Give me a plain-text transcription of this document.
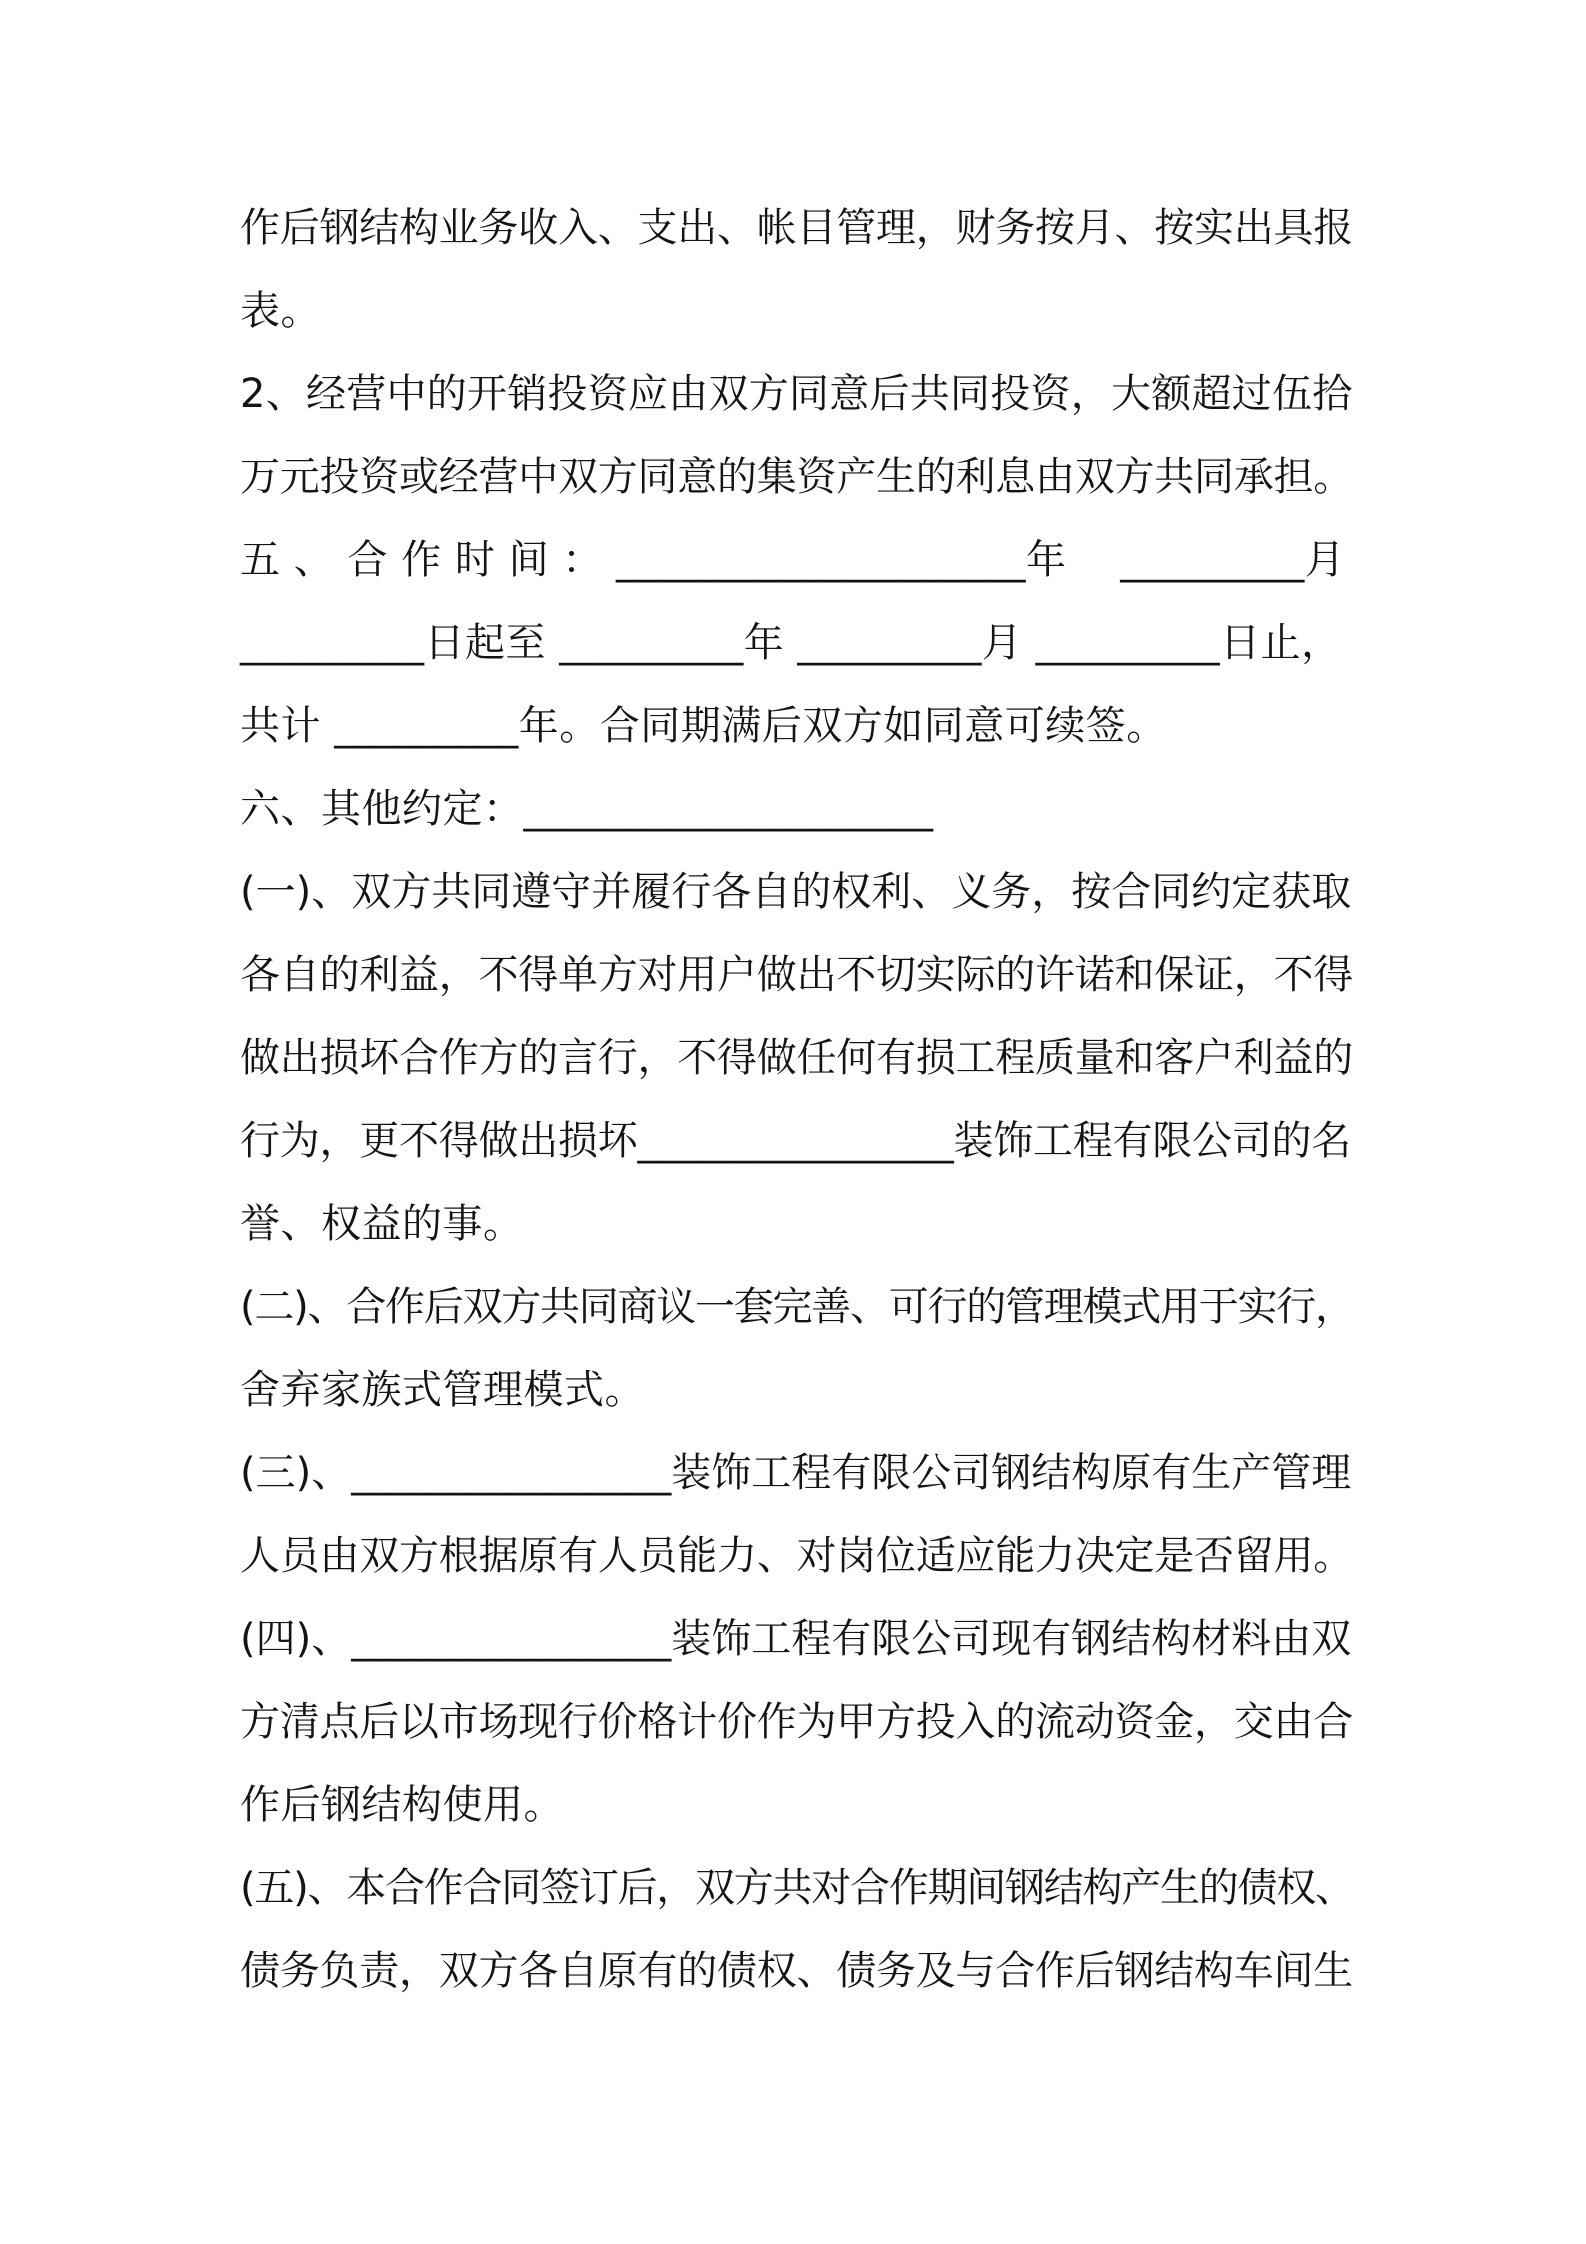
作后钢结构业务收入、支出、帐目管理，财务按月、按实出具报
表。
2、经营中的开销投资应由双方同意后共同投资，大额超过伍拾
万元投资或经营中双方同意的集资产生的利息由双方共同承担。
五 、 合 作 时 间 ： ____________________年　 _________月
_________日起至 _________年 _________月 _________日止，
共计 _________年。合同期满后双方如同意可续签。
六、其他约定：____________________
(一)、双方共同遵守并履行各自的权利、义务，按合同约定获取
各自的利益，不得单方对用户做出不切实际的许诺和保证，不得
做出损坏合作方的言行，不得做任何有损工程质量和客户利益的
行为，更不得做出损坏________________装饰工程有限公司的名
誉、权益的事。
(二)、合作后双方共同商议一套完善、可行的管理模式用于实行，
舍弃家族式管理模式。
(三)、________________装饰工程有限公司钢结构原有生产管理
人员由双方根据原有人员能力、对岗位适应能力决定是否留用。
(四)、________________装饰工程有限公司现有钢结构材料由双
方清点后以市场现行价格计价作为甲方投入的流动资金，交由合
作后钢结构使用。
(五)、本合作合同签订后，双方共对合作期间钢结构产生的债权、
债务负责，双方各自原有的债权、债务及与合作后钢结构车间生
